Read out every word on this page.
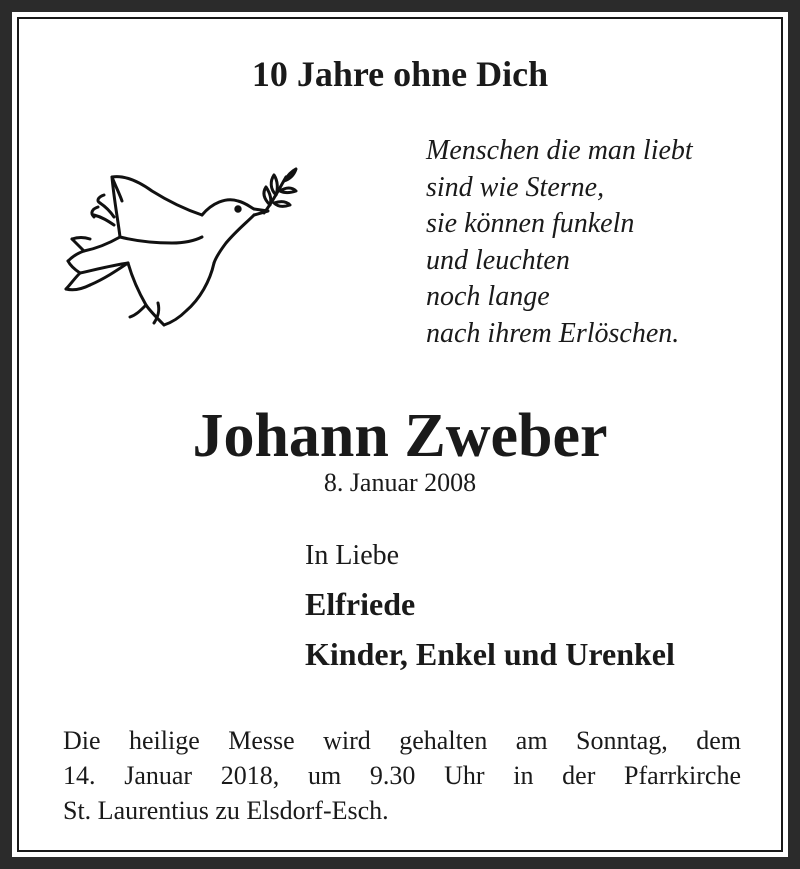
10 Jahre ohne Dich
Menschen die man liebt
sind wie Sterne,
sie können funkeln
und leuchten
noch lange
nach ihrem Erlöschen.
Johann Zweber
8. Januar 2008
In Liebe
Elfriede
Kinder, Enkel und Urenkel

Die heilige Messe wird gehalten am Sonntag, dem
14. Januar 2018, um 9.30 Uhr in der Pfarrkirche
St. Laurentius zu Elsdorf-Esch.
